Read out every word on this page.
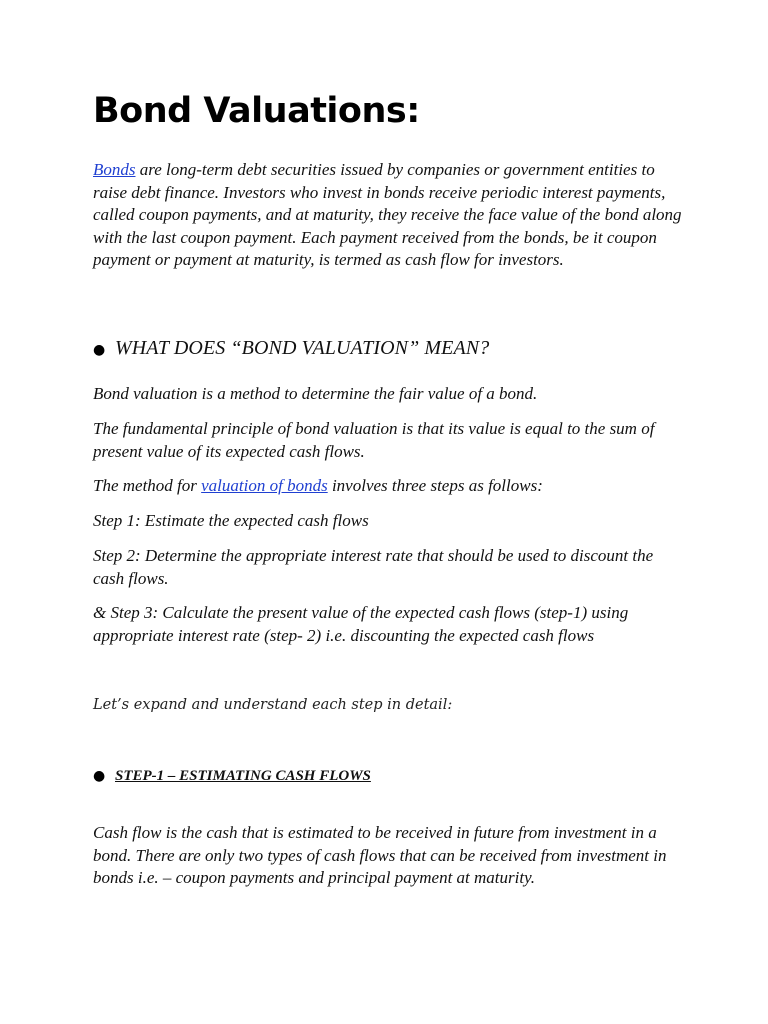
Bond Valuations:

Bonds are long-term debt securities issued by companies or government entities to raise debt finance. Investors who invest in bonds receive periodic interest payments, called coupon payments, and at maturity, they receive the face value of the bond along with the last coupon payment. Each payment received from the bonds, be it coupon payment or payment at maturity, is termed as cash flow for investors.

● WHAT DOES “BOND VALUATION” MEAN?

Bond valuation is a method to determine the fair value of a bond.

The fundamental principle of bond valuation is that its value is equal to the sum of present value of its expected cash flows.

The method for valuation of bonds involves three steps as follows:

Step 1: Estimate the expected cash flows

Step 2: Determine the appropriate interest rate that should be used to discount the cash flows.

& Step 3: Calculate the present value of the expected cash flows (step-1) using appropriate interest rate (step- 2) i.e. discounting the expected cash flows

Let’s expand and understand each step in detail:

● STEP-1 – ESTIMATING CASH FLOWS

Cash flow is the cash that is estimated to be received in future from investment in a bond. There are only two types of cash flows that can be received from investment in bonds i.e. – coupon payments and principal payment at maturity.
